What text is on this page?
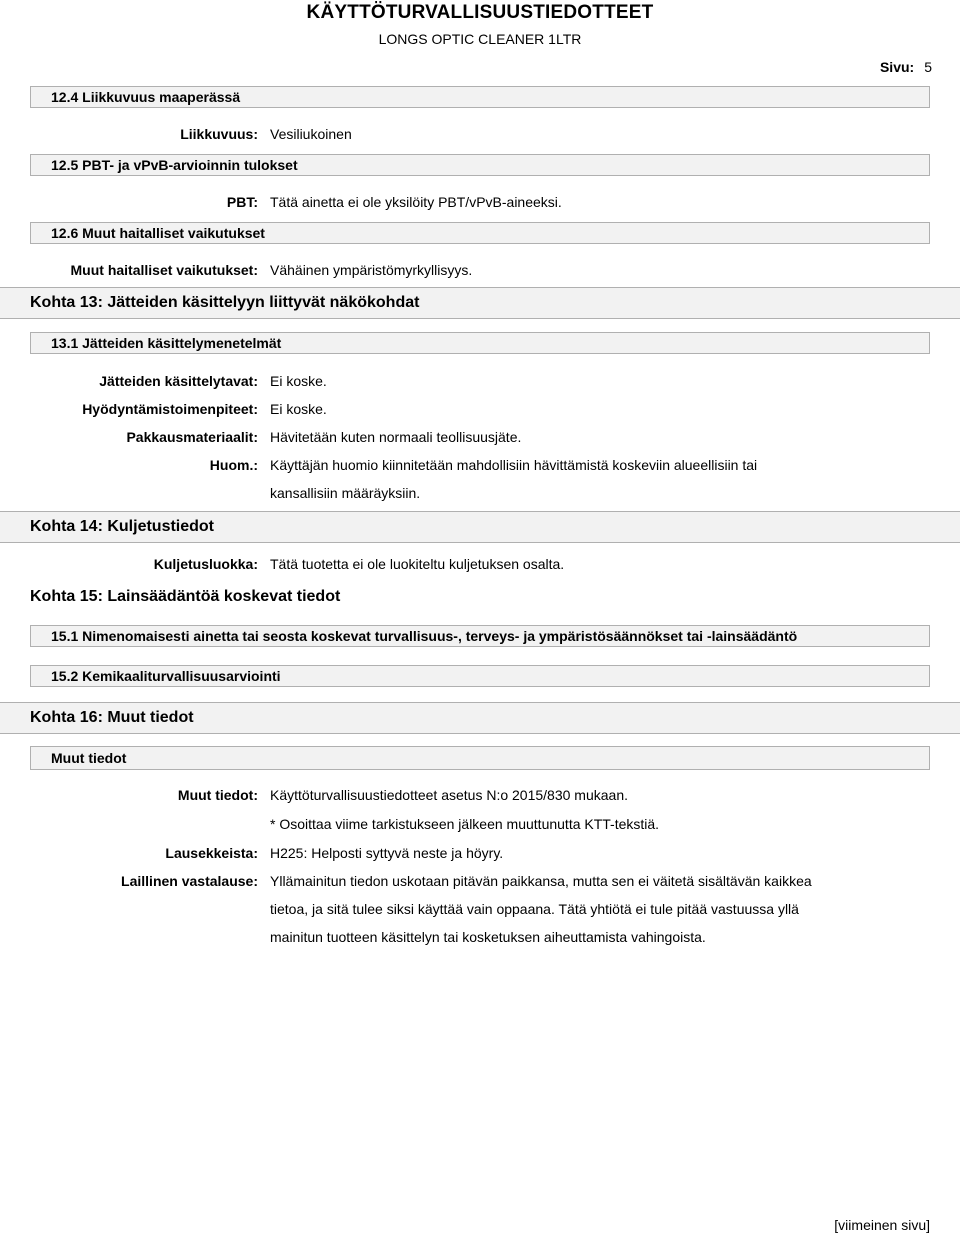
KÄYTTÖTURVALLISUUSTIEDOTTEET
LONGS OPTIC CLEANER 1LTR
Sivu: 5
12.4 Liikkuvuus maaperässä
Liikkuvuus: Vesiliukoinen
12.5 PBT- ja vPvB-arvioinnin tulokset
PBT: Tätä ainetta ei ole yksilöity PBT/vPvB-aineeksi.
12.6 Muut haitalliset vaikutukset
Muut haitalliset vaikutukset: Vähäinen ympäristömyrkyllisyys.
Kohta 13: Jätteiden käsittelyyn liittyvät näkökohdat
13.1 Jätteiden käsittelymenetelmät
Jätteiden käsittelytavat: Ei koske.
Hyödyntämistoimenpiteet: Ei koske.
Pakkausmateriaalit: Hävitetään kuten normaali teollisuusjäte.
Huom.: Käyttäjän huomio kiinnitetään mahdollisiin hävittämistä koskeviin alueellisiin tai kansallisiin määräyksiin.
Kohta 14: Kuljetustiedot
Kuljetusluokka: Tätä tuotetta ei ole luokiteltu kuljetuksen osalta.
Kohta 15: Lainsäädäntöä koskevat tiedot
15.1 Nimenomaisesti ainetta tai seosta koskevat turvallisuus-, terveys- ja ympäristösäännökset tai -lainsäädäntö
15.2 Kemikaaliturvallisuusarviointi
Kohta 16: Muut tiedot
Muut tiedot
Muut tiedot: Käyttöturvallisuustiedotteet asetus N:o 2015/830 mukaan.
* Osoittaa viime tarkistukseen jälkeen muuttunutta KTT-tekstiä.
Lausekkeista: H225: Helposti syttyvä neste ja höyry.
Laillinen vastalause: Yllämainitun tiedon uskotaan pitävän paikkansa, mutta sen ei väitetä sisältävän kaikkea tietoa, ja sitä tulee siksi käyttää vain oppaana. Tätä yhtiötä ei tule pitää vastuussa yllä mainitun tuotteen käsittelyn tai kosketuksen aiheuttamista vahingoista.
[viimeinen sivu]
